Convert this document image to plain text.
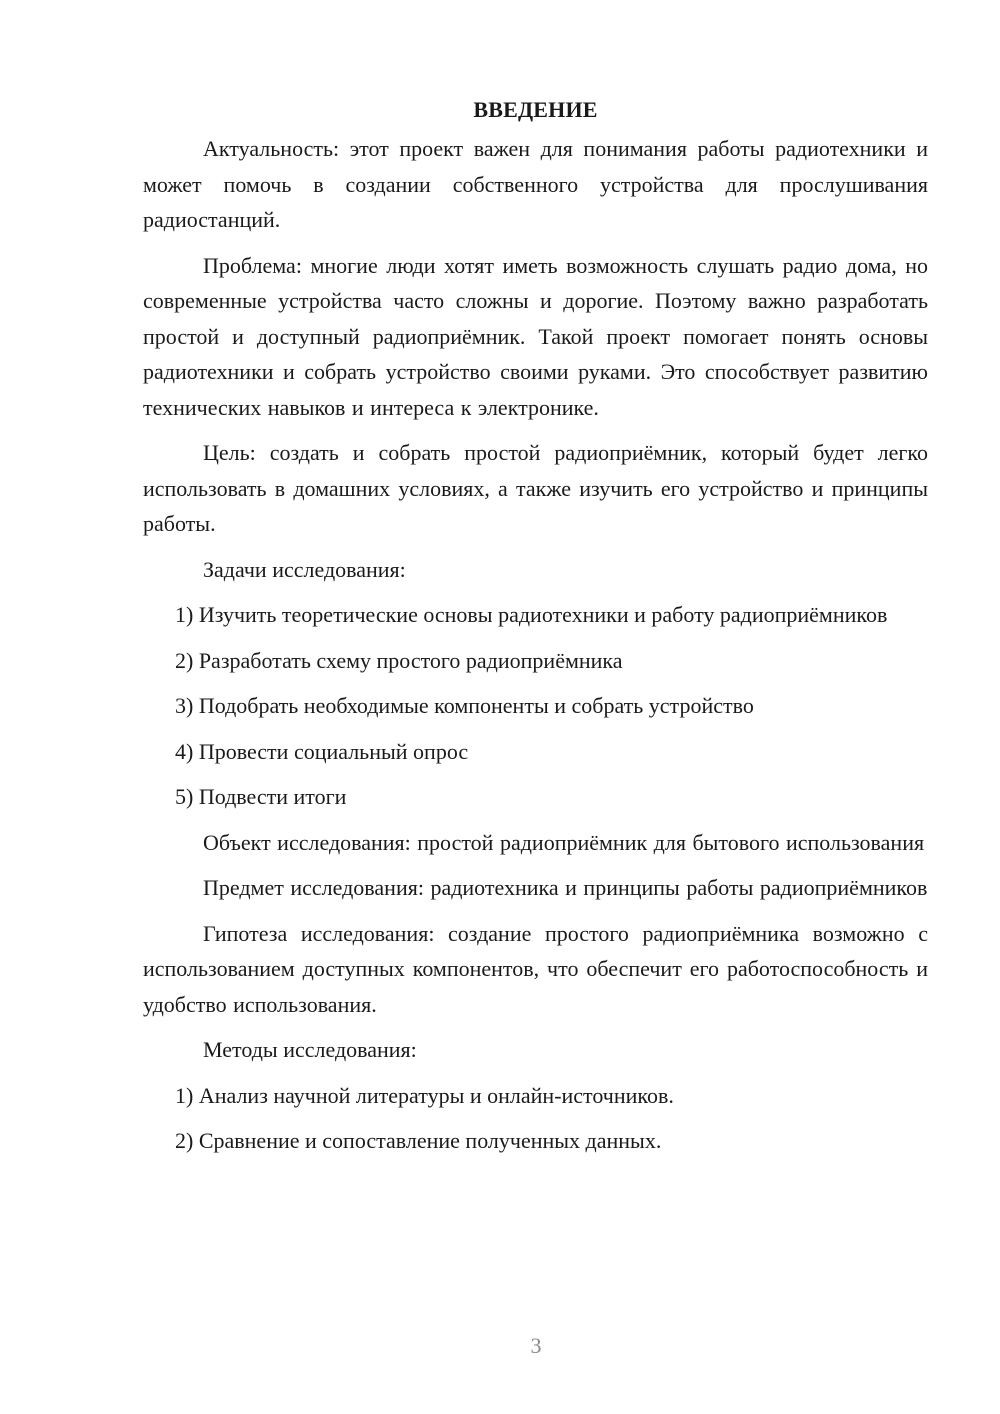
ВВЕДЕНИЕ

Актуальность: этот проект важен для понимания работы радиотехники и может помочь в создании собственного устройства для прослушивания радиостанций.

Проблема: многие люди хотят иметь возможность слушать радио дома, но современные устройства часто сложны и дорогие. Поэтому важно разработать простой и доступный радиоприёмник. Такой проект помогает понять основы радиотехники и собрать устройство своими руками. Это способствует развитию технических навыков и интереса к электронике.

Цель: создать и собрать простой радиоприёмник, который будет легко использовать в домашних условиях, а также изучить его устройство и принципы работы.

Задачи исследования:

1) Изучить теоретические основы радиотехники и работу радиоприёмников

2) Разработать схему простого радиоприёмника
3) Подобрать необходимые компоненты и собрать устройство
4) Провести социальный опрос
5) Подвести итоги

Объект исследования: простой радиоприёмник для бытового использования

Предмет исследования: радиотехника и принципы работы радиоприёмников

Гипотеза исследования: создание простого радиоприёмника возможно с использованием доступных компонентов, что обеспечит его работоспособность и удобство использования.

Методы исследования:
1) Анализ научной литературы и онлайн-источников.
2) Сравнение и сопоставление полученных данных.
3
